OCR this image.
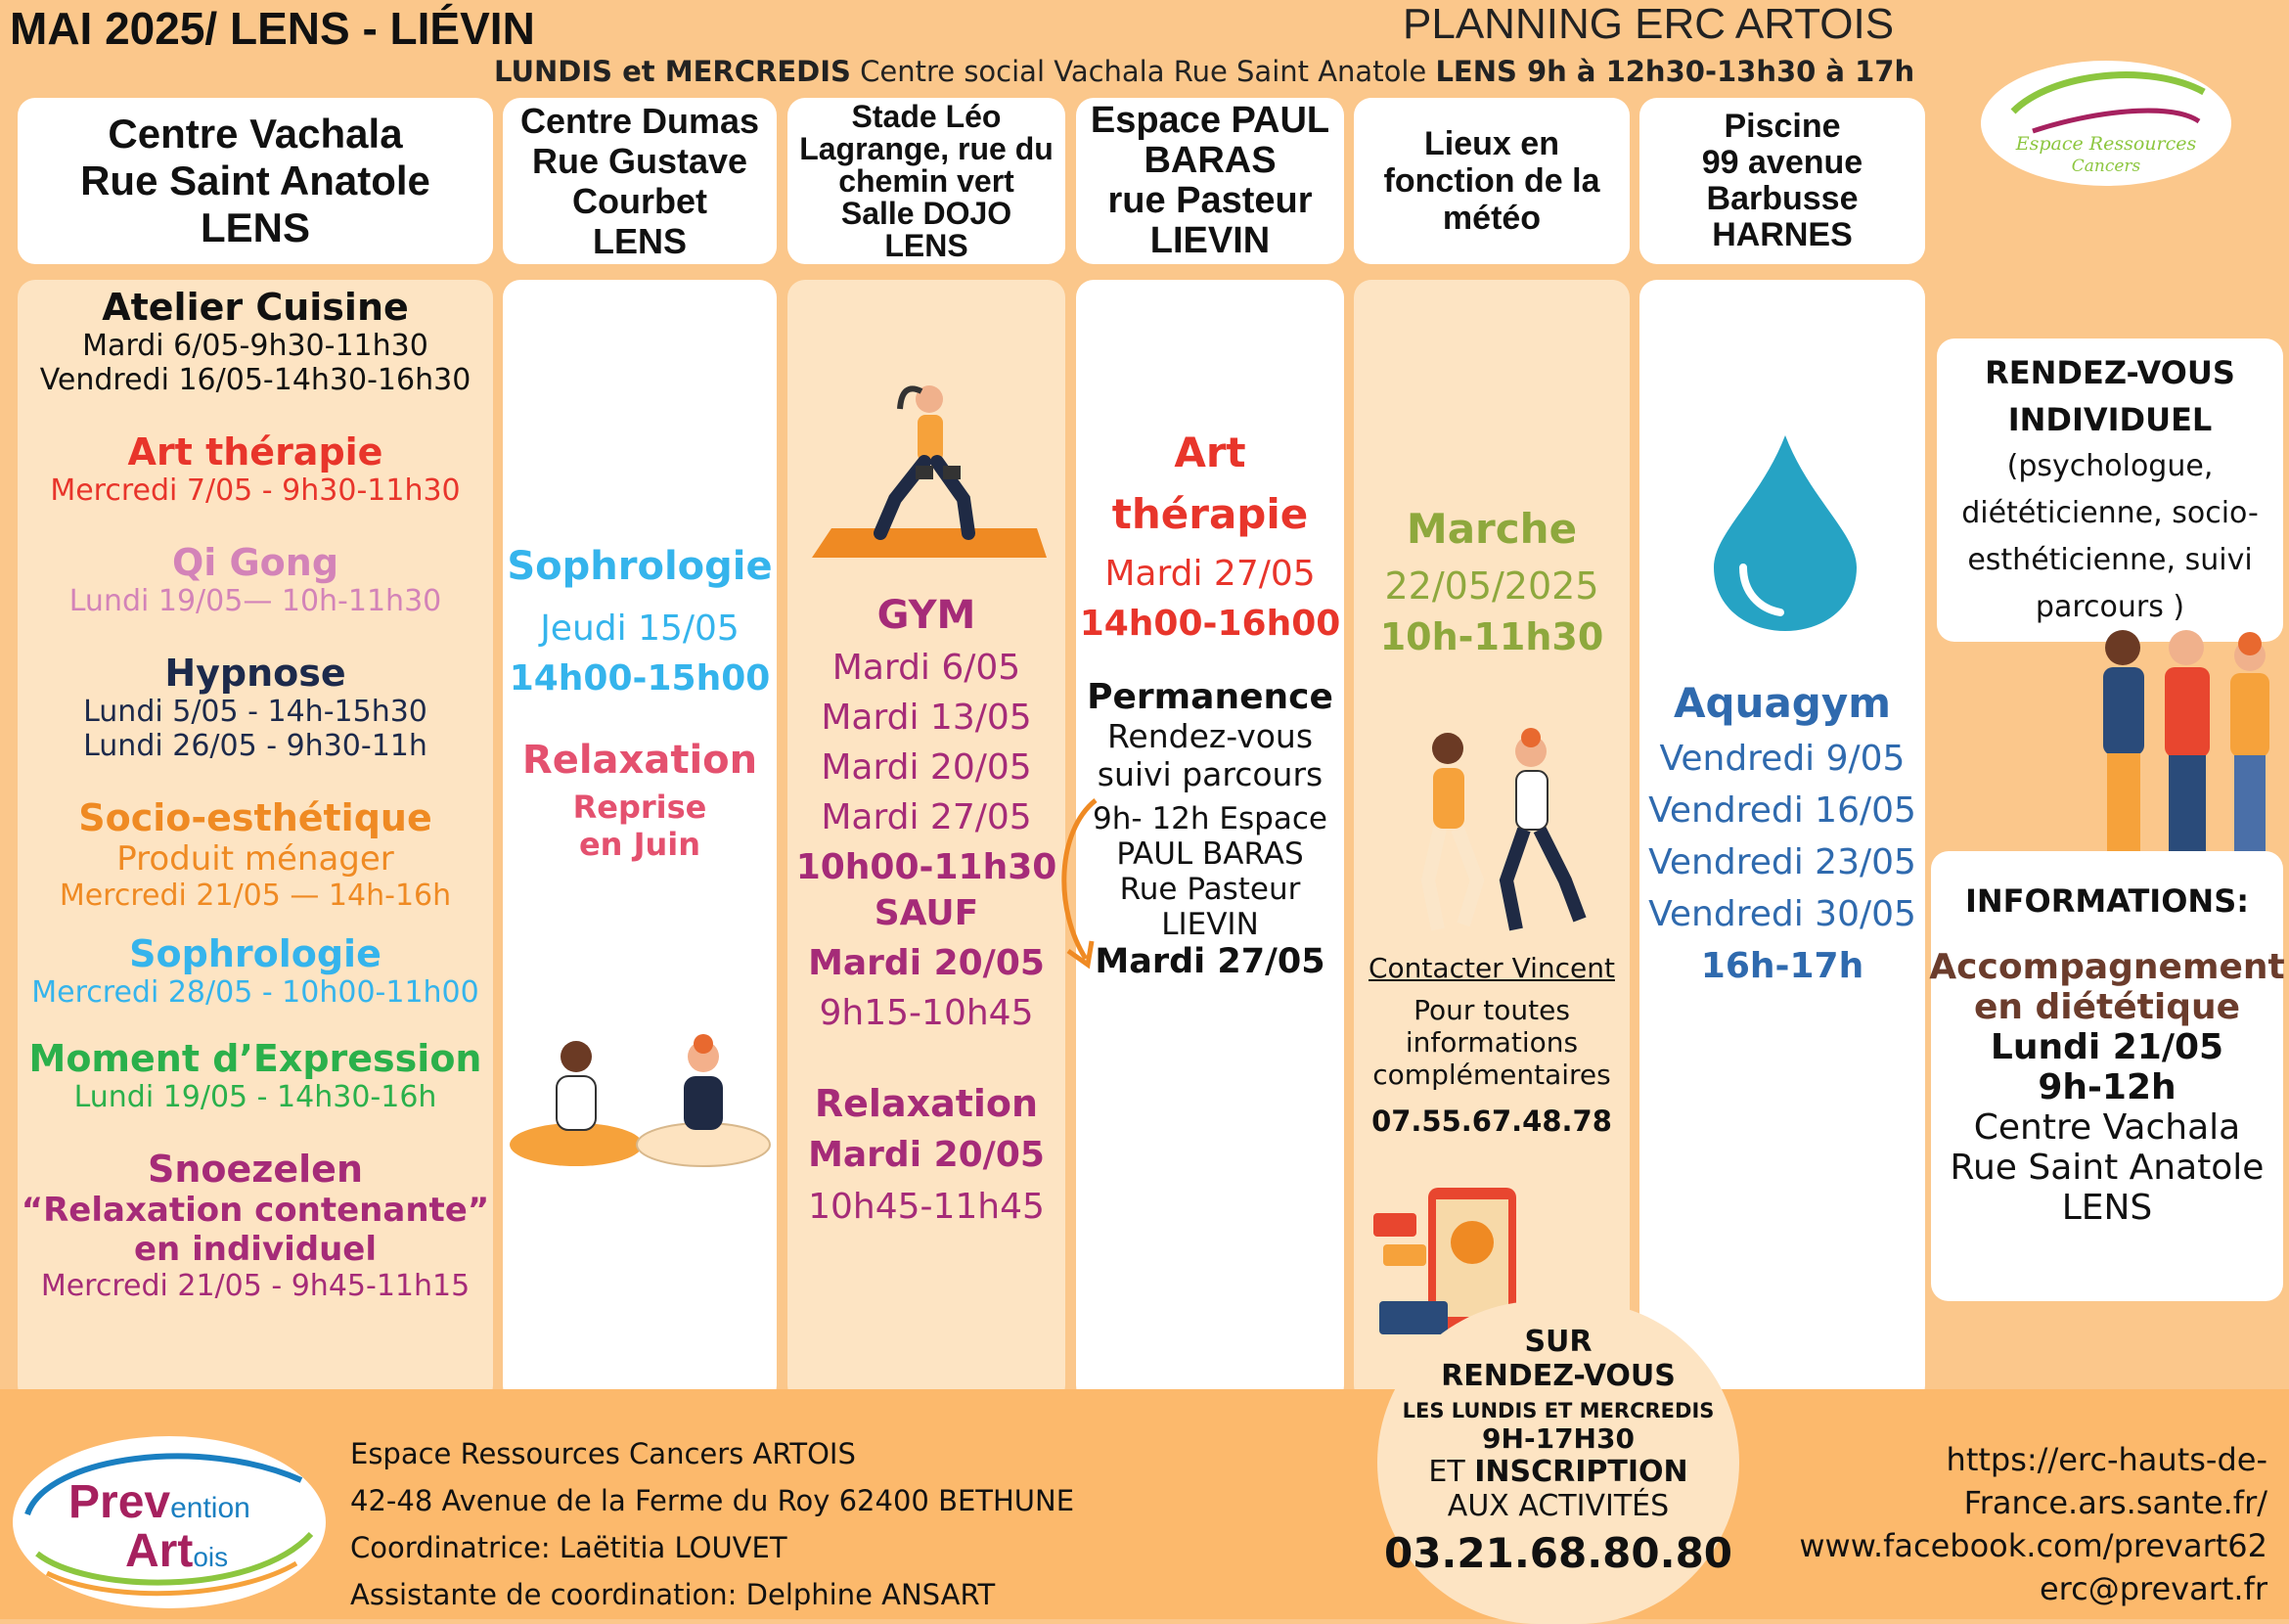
MAI 2025/ LENS - LIÉVIN	PLANNING ERC ARTOIS
LUNDIS et MERCREDIS Centre social Vachala Rue Saint Anatole LENS 9h à 12h30-13h30 à 17h
Espace Ressources
Cancers
Centre Vachala
Rue Saint Anatole
LENS
Centre Dumas
Rue Gustave
Courbet
LENS
Stade Léo
Lagrange, rue du
chemin vert
Salle DOJO
LENS
Espace PAUL
BARAS
rue Pasteur
LIEVIN
Lieux en
fonction de la
météo
Piscine
99 avenue
Barbusse
HARNES
Atelier Cuisine
Mardi 6/05-9h30-11h30
Vendredi 16/05-14h30-16h30
Art thérapie
Mercredi 7/05 - 9h30-11h30
Qi Gong
Lundi 19/05— 10h-11h30
Hypnose
Lundi 5/05 - 14h-15h30
Lundi 26/05 - 9h30-11h
Socio-esthétique
Produit ménager
Mercredi 21/05 — 14h-16h
Sophrologie
Mercredi 28/05 - 10h00-11h00
Moment d’Expression
Lundi 19/05 - 14h30-16h
Snoezelen
“Relaxation contenante”
en individuel
Mercredi 21/05 - 9h45-11h15
Sophrologie
Jeudi 15/05
14h00-15h00
Relaxation
Reprise
en Juin
GYM
Mardi 6/05
Mardi 13/05
Mardi 20/05
Mardi 27/05
10h00-11h30
SAUF
Mardi 20/05
9h15-10h45
Relaxation
Mardi 20/05
10h45-11h45
Art
thérapie
Mardi 27/05
14h00-16h00
Permanence
Rendez-vous
suivi parcours
9h- 12h Espace
PAUL BARAS
Rue Pasteur
LIEVIN
Mardi 27/05
Marche
22/05/2025
10h-11h30
Contacter Vincent
Pour toutes
informations
complémentaires
07.55.67.48.78
Aquagym
Vendredi 9/05
Vendredi 16/05
Vendredi 23/05
Vendredi 30/05
16h-17h
RENDEZ-VOUS
INDIVIDUEL
(psychologue,
diététicienne, socio-
esthéticienne, suivi
parcours )
INFORMATIONS:
Accompagnement
en diététique
Lundi 21/05
9h-12h
Centre Vachala
Rue Saint Anatole
LENS
SUR
RENDEZ-VOUS
LES LUNDIS ET MERCREDIS
9H-17H30
ET INSCRIPTION
AUX ACTIVITÉS
03.21.68.80.80
Prevention
Artois
Espace Ressources Cancers ARTOIS
42-48 Avenue de la Ferme du Roy 62400 BETHUNE
Coordinatrice: Laëtitia LOUVET
Assistante de coordination: Delphine ANSART
https://erc-hauts-de-
France.ars.sante.fr/
www.facebook.com/prevart62
erc@prevart.fr
